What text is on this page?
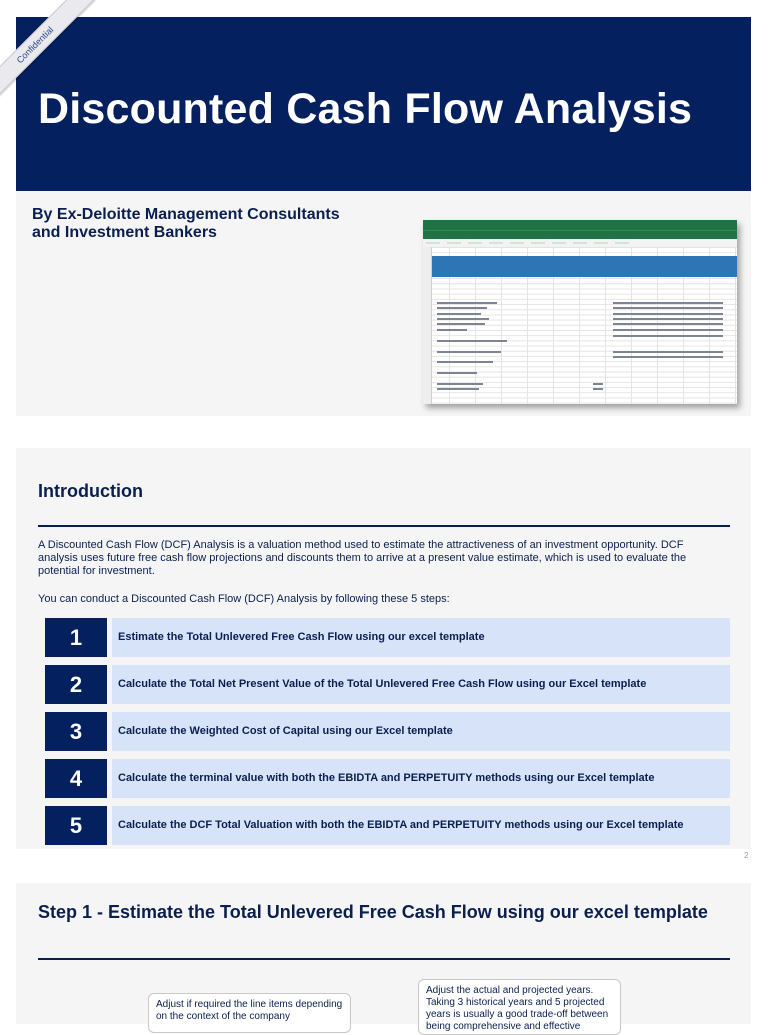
Discounted Cash Flow Analysis

By Ex-Deloitte Management Consultants and Investment Bankers

Confidential
Introduction

A Discounted Cash Flow (DCF) Analysis is a valuation method used to estimate the attractiveness of an investment opportunity. DCF analysis uses future free cash flow projections and discounts them to arrive at a present value estimate, which is used to evaluate the potential for investment.

You can conduct a Discounted Cash Flow (DCF) Analysis by following these 5 steps:

1	Estimate the Total Unlevered Free Cash Flow using our excel template
2	Calculate the Total Net Present Value of the Total Unlevered Free Cash Flow using our Excel template
3	Calculate the Weighted Cost of Capital using our Excel template
4	Calculate the terminal value with both the EBIDTA and PERPETUITY methods using our Excel template
5	Calculate the DCF Total Valuation with both the EBIDTA and PERPETUITY methods using our Excel template
2
Step 1 - Estimate the Total Unlevered Free Cash Flow using our excel template
Adjust if required the line items depending on the context of the company
Adjust the actual and projected years. Taking 3 historical years and 5 projected years is usually a good trade-off between being comprehensive and effective
